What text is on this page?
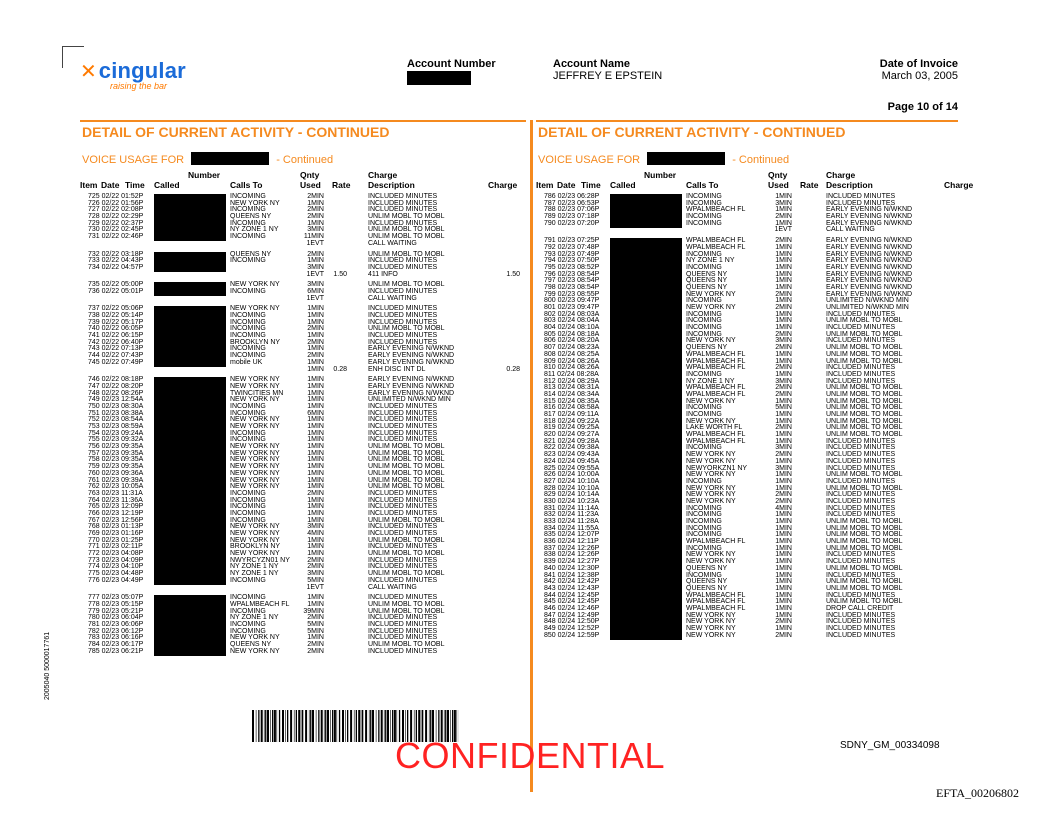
✕cingular
raising the bar
Account Number	Account Name
JEFFREY E EPSTEIN
Date of Invoice
March 03, 2005
Page 10 of 14
DETAIL OF CURRENT ACTIVITY - CONTINUED	DETAIL OF CURRENT ACTIVITY - CONTINUED
VOICE USAGE FOR	- Continued	VOICE USAGE FOR	- Continued
Number
Item Date Time Called	Calls To
Qnty
Used Rate
Charge
Description	Charge
725 02/22 01:52P	INCOMING	2MIN	INCLUDED MINUTES
726 02/22 01:56P	NEW YORK NY	1MIN	INCLUDED MINUTES
727 02/22 02:08P	INCOMING	2MIN	INCLUDED MINUTES
728 02/22 02:29P	QUEENS NY	2MIN	UNLIM MOBL TO MOBL
729 02/22 02:37P	INCOMING	1MIN	INCLUDED MINUTES
730 02/22 02:45P	NY ZONE 1 NY	3MIN	UNLIM MOBL TO MOBL
731 02/22 02:46P	INCOMING	11MIN	UNLIM MOBL TO MOBL
1EVT	CALL WAITING
732 02/22 03:18P	QUEENS NY	2MIN	UNLIM MOBL TO MOBL
733 02/22 04:43P	INCOMING	1MIN	INCLUDED MINUTES
734 02/22 04:57P	3MIN	INCLUDED MINUTES
1EVT	1.50	411 INFO	1.50
735 02/22 05:00P	NEW YORK NY	3MIN	UNLIM MOBL TO MOBL
736 02/22 05:01P	INCOMING	6MIN	INCLUDED MINUTES
1EVT	CALL WAITING
737 02/22 05:06P	NEW YORK NY	1MIN	INCLUDED MINUTES
738 02/22 05:14P	INCOMING	1MIN	INCLUDED MINUTES
739 02/22 05:17P	INCOMING	1MIN	INCLUDED MINUTES
740 02/22 06:05P	INCOMING	2MIN	UNLIM MOBL TO MOBL
741 02/22 06:15P	INCOMING	1MIN	INCLUDED MINUTES
742 02/22 06:40P	BROOKLYN NY	2MIN	INCLUDED MINUTES
743 02/22 07:13P	INCOMING	1MIN	EARLY EVENING N/WKND
744 02/22 07:43P	INCOMING	2MIN	EARLY EVENING N/WKND
745 02/22 07:49P	mobile UK	1MIN	EARLY EVENING N/WKND
1MIN	0.28	ENH DISC INT DL	0.28
746 02/22 08:18P	NEW YORK NY	1MIN	EARLY EVENING N/WKND
747 02/22 08:20P	NEW YORK NY	1MIN	EARLY EVENING N/WKND
748 02/22 08:26P	TWINCITIES MN	1MIN	EARLY EVENING N/WKND
749 02/23 12:54A	NEW YORK NY	1MIN	UNLIMITED N/WKND MIN
750 02/23 08:30A	INCOMING	1MIN	INCLUDED MINUTES
751 02/23 08:38A	INCOMING	6MIN	INCLUDED MINUTES
752 02/23 08:54A	NEW YORK NY	1MIN	INCLUDED MINUTES
753 02/23 08:59A	NEW YORK NY	1MIN	INCLUDED MINUTES
754 02/23 09:24A	INCOMING	1MIN	INCLUDED MINUTES
755 02/23 09:32A	INCOMING	1MIN	INCLUDED MINUTES
756 02/23 09:35A	NEW YORK NY	1MIN	UNLIM MOBL TO MOBL
757 02/23 09:35A	NEW YORK NY	1MIN	UNLIM MOBL TO MOBL
758 02/23 09:35A	NEW YORK NY	1MIN	UNLIM MOBL TO MOBL
759 02/23 09:35A	NEW YORK NY	1MIN	UNLIM MOBL TO MOBL
760 02/23 09:36A	NEW YORK NY	1MIN	UNLIM MOBL TO MOBL
761 02/23 09:39A	NEW YORK NY	1MIN	UNLIM MOBL TO MOBL
762 02/23 10:05A	NEW YORK NY	1MIN	UNLIM MOBL TO MOBL
763 02/23 11:31A	INCOMING	2MIN	INCLUDED MINUTES
764 02/23 11:36A	INCOMING	1MIN	INCLUDED MINUTES
765 02/23 12:09P	INCOMING	1MIN	INCLUDED MINUTES
766 02/23 12:19P	INCOMING	1MIN	INCLUDED MINUTES
767 02/23 12:56P	INCOMING	1MIN	UNLIM MOBL TO MOBL
768 02/23 01:13P	NEW YORK NY	3MIN	INCLUDED MINUTES
769 02/23 01:16P	NEW YORK NY	4MIN	INCLUDED MINUTES
770 02/23 01:25P	NEW YORK NY	1MIN	UNLIM MOBL TO MOBL
771 02/23 02:11P	BROOKLYN NY	1MIN	INCLUDED MINUTES
772 02/23 04:08P	NEW YORK NY	1MIN	UNLIM MOBL TO MOBL
773 02/23 04:09P	NWYRCYZN01 NY	2MIN	INCLUDED MINUTES
774 02/23 04:10P	NY ZONE 1 NY	2MIN	INCLUDED MINUTES
775 02/23 04:48P	NY ZONE 1 NY	3MIN	UNLIM MOBL TO MOBL
776 02/23 04:49P	INCOMING	5MIN	INCLUDED MINUTES
1EVT	CALL WAITING
777 02/23 05:07P	INCOMING	1MIN	INCLUDED MINUTES
778 02/23 05:15P	WPALMBEACH FL	1MIN	UNLIM MOBL TO MOBL
779 02/23 05:21P	INCOMING	39MIN	UNLIM MOBL TO MOBL
780 02/23 06:04P	NY ZONE 1 NY	2MIN	INCLUDED MINUTES
781 02/23 06:06P	INCOMING	5MIN	INCLUDED MINUTES
782 02/23 06:12P	INCOMING	5MIN	INCLUDED MINUTES
783 02/23 06:16P	NEW YORK NY	1MIN	INCLUDED MINUTES
784 02/23 06:17P	QUEENS NY	2MIN	UNLIM MOBL TO MOBL
785 02/23 06:21P	NEW YORK NY	2MIN	INCLUDED MINUTES
Number
Item Date Time Called	Calls To
Qnty
Used Rate
Charge
Description	Charge
786 02/23 06:28P	INCOMING	1MIN	INCLUDED MINUTES
787 02/23 06:53P	INCOMING	3MIN	INCLUDED MINUTES
788 02/23 07:06P	WPALMBEACH FL	1MIN	EARLY EVENING N/WKND
789 02/23 07:18P	INCOMING	2MIN	EARLY EVENING N/WKND
790 02/23 07:20P	INCOMING	1MIN	EARLY EVENING N/WKND
1EVT	CALL WAITING
791 02/23 07:25P	WPALMBEACH FL	2MIN	EARLY EVENING N/WKND
792 02/23 07:48P	WPALMBEACH FL	1MIN	EARLY EVENING N/WKND
793 02/23 07:49P	INCOMING	1MIN	EARLY EVENING N/WKND
794 02/23 07:50P	NY ZONE 1 NY	1MIN	EARLY EVENING N/WKND
795 02/23 08:52P	INCOMING	1MIN	EARLY EVENING N/WKND
796 02/23 08:54P	QUEENS NY	1MIN	EARLY EVENING N/WKND
797 02/23 08:54P	QUEENS NY	1MIN	EARLY EVENING N/WKND
798 02/23 08:54P	QUEENS NY	1MIN	EARLY EVENING N/WKND
799 02/23 08:55P	NEW YORK NY	2MIN	EARLY EVENING N/WKND
800 02/23 09:47P	INCOMING	1MIN	UNLIMITED N/WKND MIN
801 02/23 09:47P	NEW YORK NY	2MIN	UNLIMITED N/WKND MIN
802 02/24 08:03A	INCOMING	1MIN	INCLUDED MINUTES
803 02/24 08:04A	INCOMING	1MIN	UNLIM MOBL TO MOBL
804 02/24 08:10A	INCOMING	1MIN	INCLUDED MINUTES
805 02/24 08:18A	INCOMING	2MIN	UNLIM MOBL TO MOBL
806 02/24 08:20A	NEW YORK NY	3MIN	INCLUDED MINUTES
807 02/24 08:23A	QUEENS NY	2MIN	UNLIM MOBL TO MOBL
808 02/24 08:25A	WPALMBEACH FL	1MIN	UNLIM MOBL TO MOBL
809 02/24 08:26A	WPALMBEACH FL	1MIN	UNLIM MOBL TO MOBL
810 02/24 08:26A	WPALMBEACH FL	2MIN	INCLUDED MINUTES
811 02/24 08:28A	INCOMING	1MIN	INCLUDED MINUTES
812 02/24 08:29A	NY ZONE 1 NY	3MIN	INCLUDED MINUTES
813 02/24 08:31A	WPALMBEACH FL	2MIN	UNLIM MOBL TO MOBL
814 02/24 08:34A	WPALMBEACH FL	2MIN	UNLIM MOBL TO MOBL
815 02/24 08:35A	NEW YORK NY	1MIN	UNLIM MOBL TO MOBL
816 02/24 08:58A	INCOMING	5MIN	UNLIM MOBL TO MOBL
817 02/24 09:11A	INCOMING	1MIN	UNLIM MOBL TO MOBL
818 02/24 09:22A	NEW YORK NY	1MIN	UNLIM MOBL TO MOBL
819 02/24 09:25A	LAKE WORTH FL	2MIN	UNLIM MOBL TO MOBL
820 02/24 09:27A	WPALMBEACH FL	1MIN	UNLIM MOBL TO MOBL
821 02/24 09:28A	WPALMBEACH FL	1MIN	INCLUDED MINUTES
822 02/24 09:38A	INCOMING	3MIN	INCLUDED MINUTES
823 02/24 09:43A	NEW YORK NY	2MIN	INCLUDED MINUTES
824 02/24 09:45A	NEW YORK NY	1MIN	INCLUDED MINUTES
825 02/24 09:55A	NEWYORKZN1 NY	3MIN	INCLUDED MINUTES
826 02/24 10:00A	NEW YORK NY	1MIN	UNLIM MOBL TO MOBL
827 02/24 10:10A	INCOMING	1MIN	INCLUDED MINUTES
828 02/24 10:10A	NEW YORK NY	1MIN	UNLIM MOBL TO MOBL
829 02/24 10:14A	NEW YORK NY	2MIN	INCLUDED MINUTES
830 02/24 10:23A	NEW YORK NY	2MIN	INCLUDED MINUTES
831 02/24 11:14A	INCOMING	4MIN	INCLUDED MINUTES
832 02/24 11:23A	INCOMING	1MIN	INCLUDED MINUTES
833 02/24 11:28A	INCOMING	1MIN	UNLIM MOBL TO MOBL
834 02/24 11:55A	INCOMING	1MIN	UNLIM MOBL TO MOBL
835 02/24 12:07P	INCOMING	1MIN	UNLIM MOBL TO MOBL
836 02/24 12:11P	WPALMBEACH FL	1MIN	UNLIM MOBL TO MOBL
837 02/24 12:26P	INCOMING	1MIN	UNLIM MOBL TO MOBL
838 02/24 12:26P	NEW YORK NY	1MIN	INCLUDED MINUTES
839 02/24 12:27P	NEW YORK NY	1MIN	INCLUDED MINUTES
840 02/24 12:30P	QUEENS NY	1MIN	UNLIM MOBL TO MOBL
841 02/24 12:38P	INCOMING	1MIN	INCLUDED MINUTES
842 02/24 12:42P	QUEENS NY	1MIN	UNLIM MOBL TO MOBL
843 02/24 12:43P	QUEENS NY	1MIN	UNLIM MOBL TO MOBL
844 02/24 12:45P	WPALMBEACH FL	1MIN	INCLUDED MINUTES
845 02/24 12:45P	WPALMBEACH FL	1MIN	UNLIM MOBL TO MOBL
846 02/24 12:46P	WPALMBEACH FL	1MIN	DROP CALL CREDIT
847 02/24 12:49P	NEW YORK NY	1MIN	INCLUDED MINUTES
848 02/24 12:50P	NEW YORK NY	2MIN	INCLUDED MINUTES
849 02/24 12:52P	NEW YORK NY	1MIN	INCLUDED MINUTES
850 02/24 12:59P	NEW YORK NY	2MIN	INCLUDED MINUTES
2005040 5000017761
CONFIDENTIAL	SDNY_GM_00334098
EFTA_00206802
